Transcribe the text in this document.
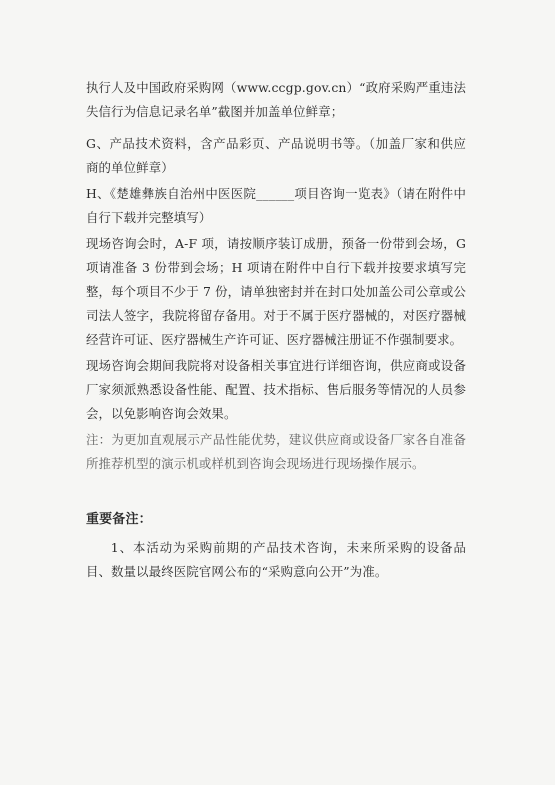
执行人及中国政府采购网（www.ccgp.gov.cn）“政府采购严重违法失信行为信息记录名单”截图并加盖单位鲜章；

G、产品技术资料，含产品彩页、产品说明书等。（加盖厂家和供应商的单位鲜章）

H、《楚雄彝族自治州中医医院______项目咨询一览表》（请在附件中自行下载并完整填写）

现场咨询会时，A-F 项，请按顺序装订成册，预备一份带到会场，G 项请准备 3 份带到会场；H 项请在附件中自行下载并按要求填写完整，每个项目不少于 7 份，请单独密封并在封口处加盖公司公章或公司法人签字，我院将留存备用。对于不属于医疗器械的，对医疗器械经营许可证、医疗器械生产许可证、医疗器械注册证不作强制要求。

现场咨询会期间我院将对设备相关事宜进行详细咨询，供应商或设备厂家须派熟悉设备性能、配置、技术指标、售后服务等情况的人员参会，以免影响咨询会效果。

注：为更加直观展示产品性能优势，建议供应商或设备厂家各自准备所推荐机型的演示机或样机到咨询会现场进行现场操作展示。

重要备注：

1、本活动为采购前期的产品技术咨询，未来所采购的设备品目、数量以最终医院官网公布的“采购意向公开”为准。
